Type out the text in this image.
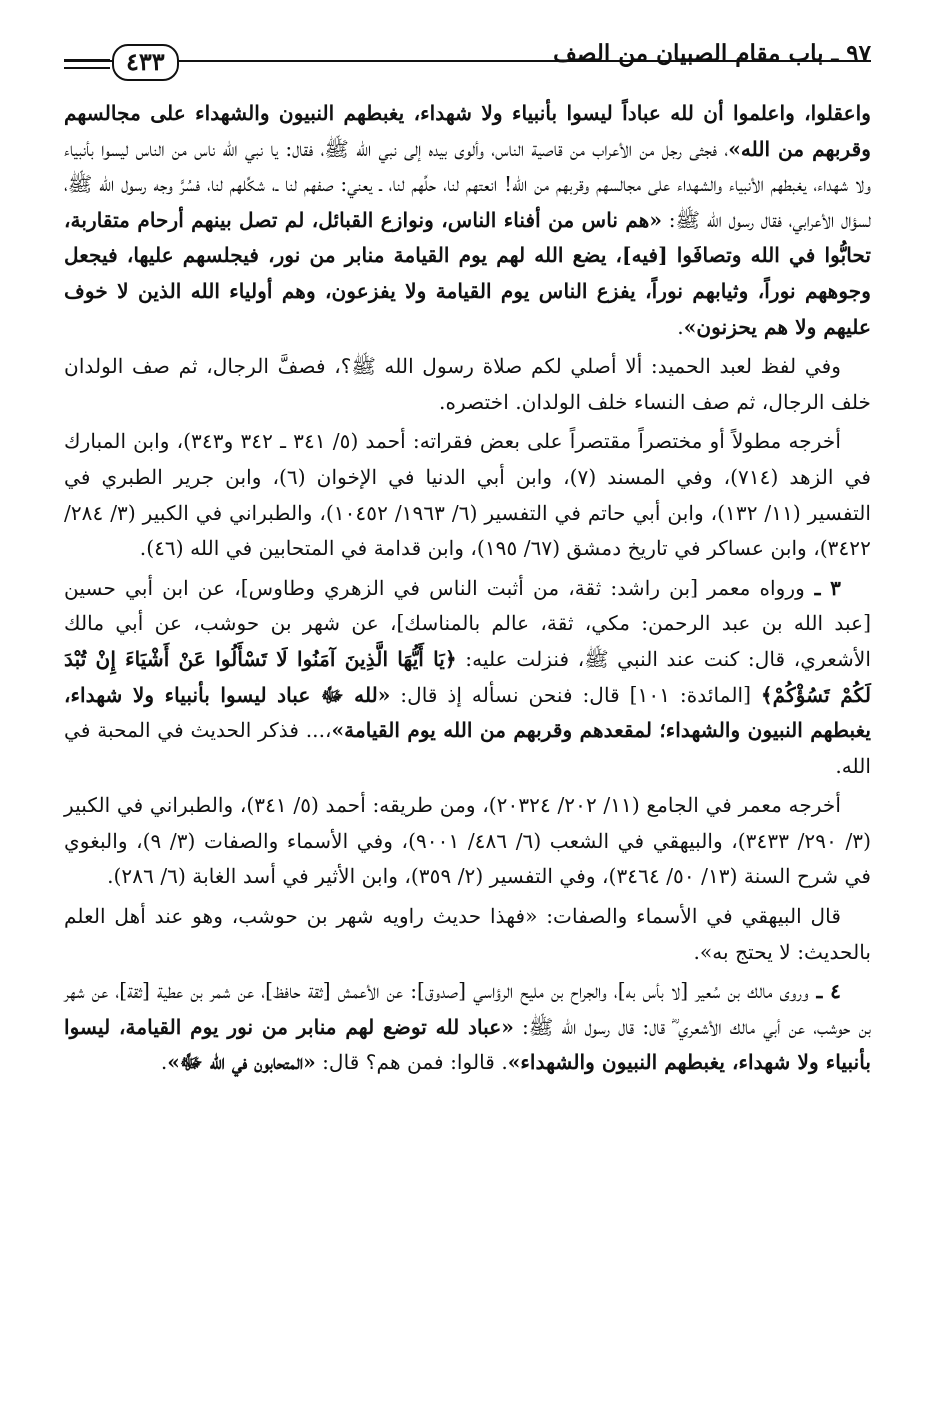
٩٧ ـ باب مقام الصبيان من الصف
٤٣٣

واعقلوا، واعلموا أن لله عباداً ليسوا بأنبياء ولا شهداء، يغبطهم النبيون والشهداء على مجالسهم وقربهم من الله»، فجثى رجل من الأعراب من قاصية الناس، وألوى بيده إلى نبي الله ﷺ، فقال: يا نبي الله ناس من الناس ليسوا بأنبياء ولا شهداء، يغبطهم الأنبياء والشهداء على مجالسهم وقربهم من الله! انعتهم لنا، حلِّهم لنا، ـ يعني: صفهم لنا ـ، شكِّلهم لنا، فسُرَّ وجه رسول الله ﷺ، لسؤال الأعرابي، فقال رسول الله ﷺ: «هم ناس من أفناء الناس، ونوازع القبائل، لم تصل بينهم أرحام متقاربة، تحابُّوا في الله وتصافَوا [فيه]، يضع الله لهم يوم القيامة منابر من نور، فيجلسهم عليها، فيجعل وجوههم نوراً، وثيابهم نوراً، يفزع الناس يوم القيامة ولا يفزعون، وهم أولياء الله الذين لا خوف عليهم ولا هم يحزنون».

وفي لفظ لعبد الحميد: ألا أصلي لكم صلاة رسول الله ﷺ؟، فصفَّ الرجال، ثم صف الولدان خلف الرجال، ثم صف النساء خلف الولدان. اختصره.

أخرجه مطولاً أو مختصراً مقتصراً على بعض فقراته: أحمد (٥/ ٣٤١ ـ ٣٤٢ و٣٤٣)، وابن المبارك في الزهد (٧١٤)، وفي المسند (٧)، وابن أبي الدنيا في الإخوان (٦)، وابن جرير الطبري في التفسير (١١/ ١٣٢)، وابن أبي حاتم في التفسير (٦/ ١٩٦٣/ ١٠٤٥٢)، والطبراني في الكبير (٣/ ٢٨٤/ ٣٤٢٢)، وابن عساكر في تاريخ دمشق (٦٧/ ١٩٥)، وابن قدامة في المتحابين في الله (٤٦).

٣ ـ ورواه معمر [بن راشد: ثقة، من أثبت الناس في الزهري وطاوس]، عن ابن أبي حسين [عبد الله بن عبد الرحمن: مكي، ثقة، عالم بالمناسك]، عن شهر بن حوشب، عن أبي مالك الأشعري، قال: كنت عند النبي ﷺ، فنزلت عليه: ﴿يَا أَيُّهَا الَّذِينَ آمَنُوا لَا تَسْأَلُوا عَنْ أَشْيَاءَ إِنْ تُبْدَ لَكُمْ تَسُؤْكُمْ﴾ [المائدة: ١٠١] قال: فنحن نسأله إذ قال: «لله ﷻ عباد ليسوا بأنبياء ولا شهداء، يغبطهم النبيون والشهداء؛ لمقعدهم وقربهم من الله يوم القيامة»،... فذكر الحديث في المحبة في الله.

أخرجه معمر في الجامع (١١/ ٢٠٢/ ٢٠٣٢٤)، ومن طريقه: أحمد (٥/ ٣٤١)، والطبراني في الكبير (٣/ ٢٩٠/ ٣٤٣٣)، والبيهقي في الشعب (٦/ ٤٨٦/ ٩٠٠١)، وفي الأسماء والصفات (٣/ ٩)، والبغوي في شرح السنة (١٣/ ٥٠/ ٣٤٦٤)، وفي التفسير (٢/ ٣٥٩)، وابن الأثير في أسد الغابة (٦/ ٢٨٦).

قال البيهقي في الأسماء والصفات: «فهذا حديث راويه شهر بن حوشب، وهو عند أهل العلم بالحديث: لا يحتج به».

٤ ـ وروى مالك بن سُعير [لا بأس به]، والجراح بن مليح الرؤاسي [صدوق]: عن الأعمش [ثقة حافظ]، عن شمر بن عطية [ثقة]، عن شهر بن حوشب، عن أبي مالك الأشعري ؓ قال: قال رسول الله ﷺ: «عباد لله توضع لهم منابر من نور يوم القيامة، ليسوا بأنبياء ولا شهداء، يغبطهم النبيون والشهداء». قالوا: فمن هم؟ قال: «المتحابون في الله ﷻ».
